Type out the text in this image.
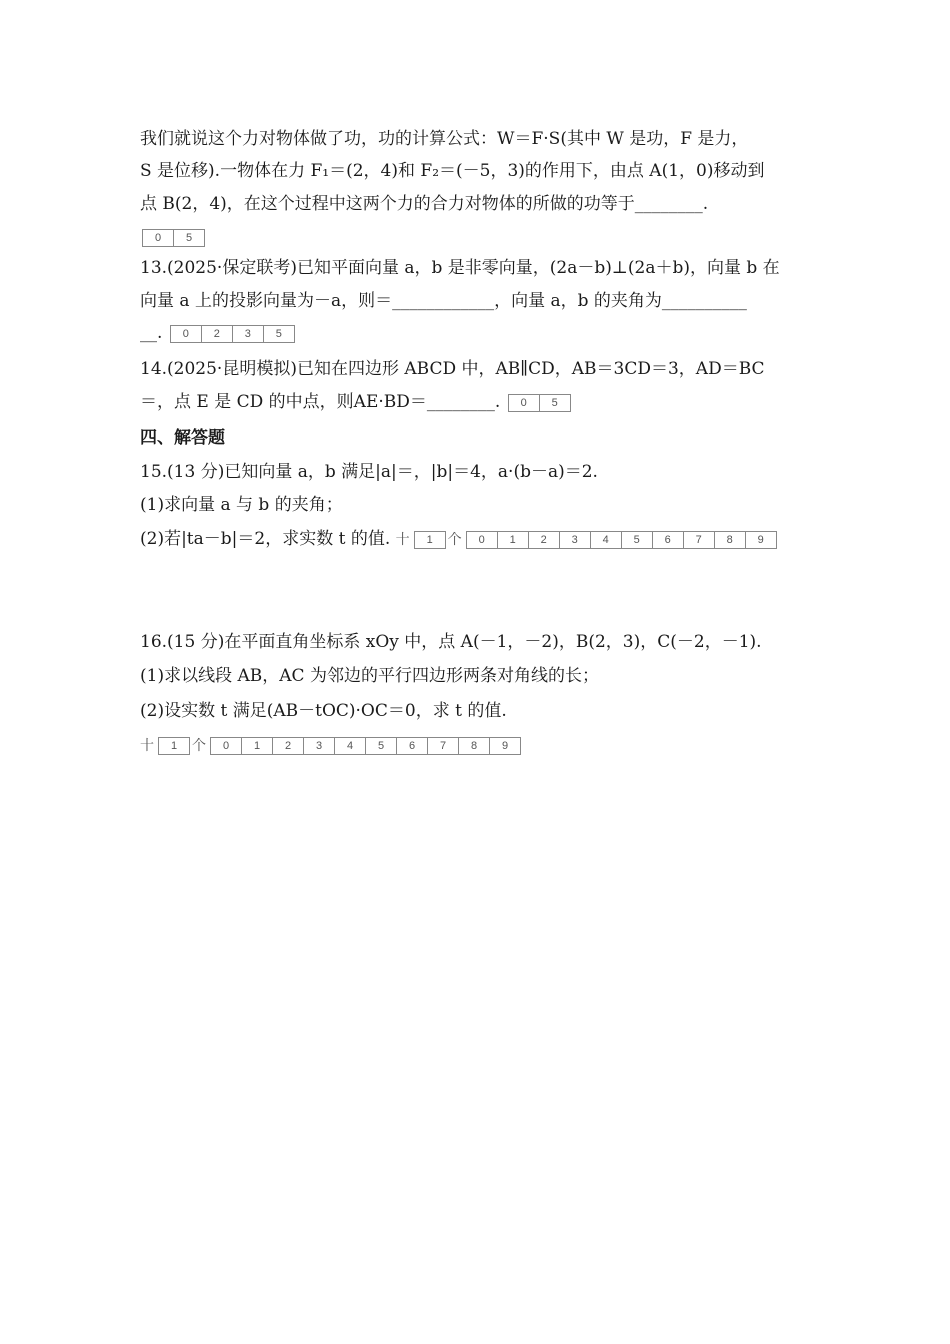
我们就说这个力对物体做了功，功的计算公式：W＝F·S(其中 W 是功，F 是力，
S 是位移).一物体在力 F₁＝(2，4)和 F₂＝(－5，3)的作用下，由点 A(1，0)移动到
点 B(2，4)，在这个过程中这两个力的合力对物体的所做的功等于________.
0	5
13.(2025·保定联考)已知平面向量 a，b 是非零向量，(2a－b)⊥(2a＋b)，向量 b 在
向量 a 上的投影向量为－a，则＝____________，向量 a，b 的夹角为__________
__.	0	2	3	5
14.(2025·昆明模拟)已知在四边形 ABCD 中，AB∥CD，AB＝3CD＝3，AD＝BC
＝，点 E 是 CD 的中点，则AE·BD＝________.	0	5
四、解答题
15.(13 分)已知向量 a，b 满足|a|＝，|b|＝4，a·(b－a)＝2.
(1)求向量 a 与 b 的夹角；
(2)若|ta－b|＝2，求实数 t 的值. 十	1	个	0	1	2	3	4	5	6	7	8	9
16.(15 分)在平面直角坐标系 xOy 中，点 A(－1，－2)，B(2，3)，C(－2，－1).
(1)求以线段 AB，AC 为邻边的平行四边形两条对角线的长；
(2)设实数 t 满足(AB－tOC)·OC＝0，求 t 的值.
十	1	个	0	1	2	3	4	5	6	7	8	9
